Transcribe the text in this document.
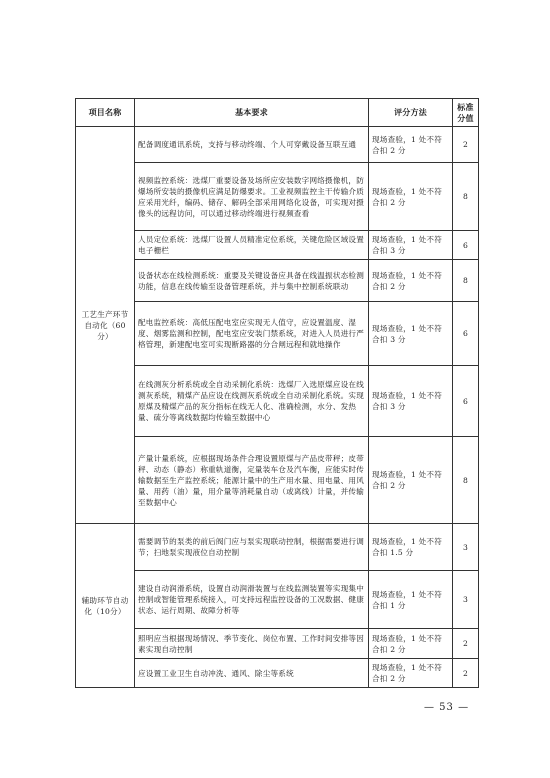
项目名称	基本要求	评分方法	标准分值
工艺生产环节自动化（60分）	配备调度通讯系统，支持与移动终端、个人可穿戴设备互联互通	现场查验，1 处不符合扣 2 分	2
	视频监控系统：选煤厂重要设备及场所应安装数字网络摄像机，防爆场所安装的摄像机应满足防爆要求。工业视频监控主干传输介质应采用光纤，编码、储存、解码全部采用网络化设备，可实现对摄像头的远程访问，可以通过移动终端进行视频查看	现场查验，1 处不符合扣 2 分	8
	人员定位系统：选煤厂设置人员精准定位系统，关键危险区域设置电子栅栏	现场查验，1 处不符合扣 3 分	6
	设备状态在线检测系统：重要及关键设备应具备在线温振状态检测功能，信息在线传输至设备管理系统，并与集中控制系统联动	现场查验，1 处不符合扣 2 分	8
	配电监控系统：高低压配电室应实现无人值守，应设置温度、湿度、烟雾监测和控制，配电室应安装门禁系统，对进入人员进行严格管理，新建配电室可实现断路器的分合闸远程和就地操作	现场查验，1 处不符合扣 3 分	6
	在线测灰分析系统或全自动采制化系统：选煤厂入选原煤应设在线测灰系统，精煤产品应设在线测灰系统或全自动采制化系统。实现原煤及精煤产品的灰分指标在线无人化、准确检测，水分、发热量、硫分等离线数据均传输至数据中心	现场查验，1 处不符合扣 3 分	6
	产量计量系统，应根据现场条件合理设置原煤与产品皮带秤；皮带秤、动态（静态）称重轨道衡，定量装车仓及汽车衡，应能实时传输数据至生产监控系统；能源计量中的生产用水量、用电量、用风量、用药（油）量，用介量等消耗量自动（或离线）计量，并传输至数据中心	现场查验，1 处不符合扣 2 分	8
辅助环节自动化（10分）	需要调节的泵类的前后阀门应与泵实现联动控制，根据需要进行调节；扫地泵实现液位自动控制	现场查验，1 处不符合扣 1.5 分	3
	建设自动润滑系统，设置自动润滑装置与在线监测装置等实现集中控制或智能管理系统接入，可支持远程监控设备的工况数据、健康状态、运行周期、故障分析等	现场查验，1 处不符合扣 1 分	3
	照明应当根据现场情况、季节变化、岗位布置、工作时间安排等因素实现自动控制	现场查验，1 处不符合扣 2 分	2
	应设置工业卫生自动冲洗、通风、除尘等系统	现场查验，1 处不符合扣 2 分	2
— 53 —
